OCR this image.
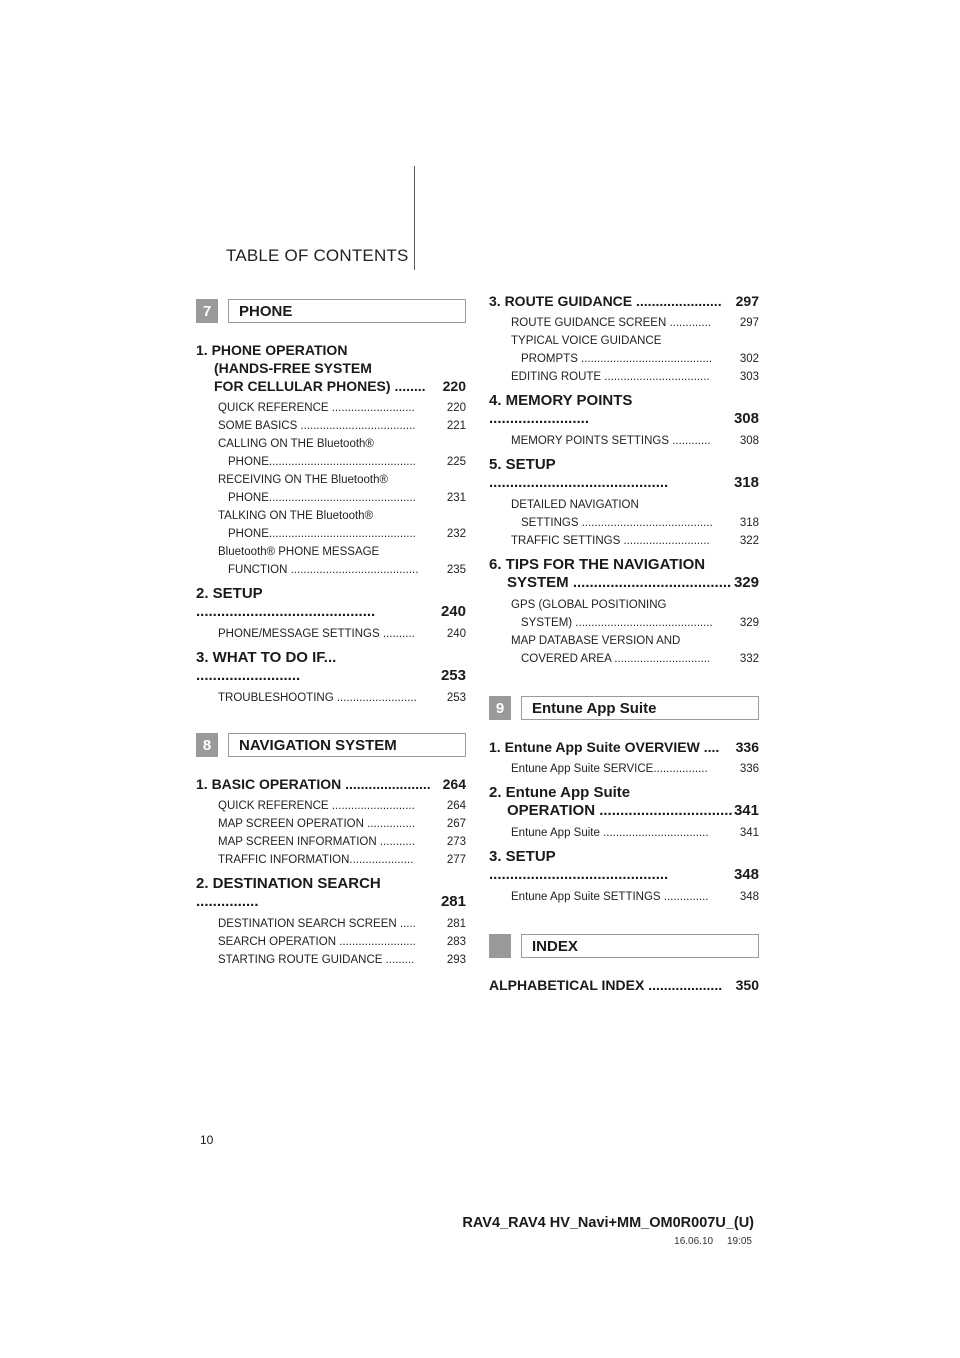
TABLE OF CONTENTS
7	PHONE
1. PHONE OPERATION
(HANDS-FREE SYSTEM
FOR CELLULAR PHONES) ........	220
QUICK REFERENCE ..........................	220
SOME BASICS ....................................	221
CALLING ON THE Bluetooth®
PHONE..............................................	225
RECEIVING ON THE Bluetooth®
PHONE..............................................	231
TALKING ON THE Bluetooth®
PHONE..............................................	232
Bluetooth® PHONE MESSAGE
FUNCTION ........................................	235
2. SETUP ...........................................	240
PHONE/MESSAGE SETTINGS ..........	240
3. WHAT TO DO IF... .........................	253
TROUBLESHOOTING .........................	253
8	NAVIGATION SYSTEM
1. BASIC OPERATION ...................... 264
QUICK REFERENCE ..........................	264
MAP SCREEN OPERATION ...............	267
MAP SCREEN INFORMATION ...........	273
TRAFFIC INFORMATION....................	277
2. DESTINATION SEARCH ...............	281
DESTINATION SEARCH SCREEN .....	281
SEARCH OPERATION ........................	283
STARTING ROUTE GUIDANCE .........	293
3. ROUTE GUIDANCE ......................	297
ROUTE GUIDANCE SCREEN .............	297
TYPICAL VOICE GUIDANCE
PROMPTS .........................................	302
EDITING ROUTE .................................	303
4. MEMORY POINTS ........................	308
MEMORY POINTS SETTINGS ............	308
5. SETUP ...........................................	318
DETAILED NAVIGATION
SETTINGS .........................................	318
TRAFFIC SETTINGS ...........................	322
6. TIPS FOR THE NAVIGATION
SYSTEM ...................................... 329
GPS (GLOBAL POSITIONING
SYSTEM) ...........................................	329
MAP DATABASE VERSION AND
COVERED AREA ..............................	332
9	Entune App Suite
1. Entune App Suite OVERVIEW ....	336
Entune App Suite SERVICE.................	336
2. Entune App Suite
OPERATION ................................ 341
Entune App Suite .................................	341
3. SETUP ...........................................	348
Entune App Suite SETTINGS ..............	348
INDEX
ALPHABETICAL INDEX ................... 350
10
RAV4_RAV4 HV_Navi+MM_OM0R007U_(U)
16.06.10     19:05
